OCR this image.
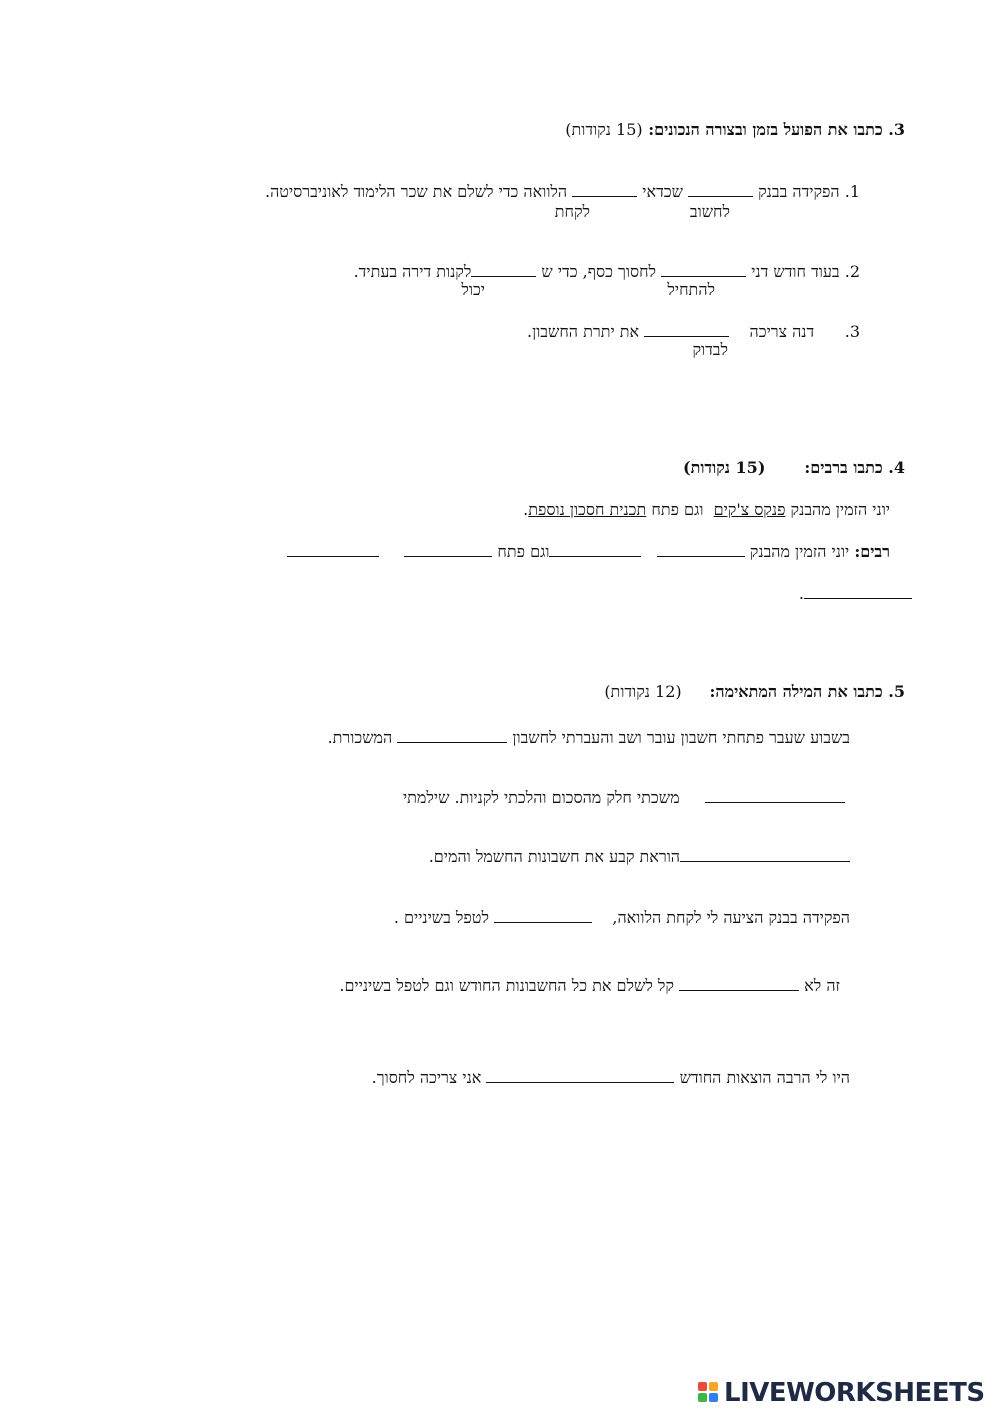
3. כתבו את הפועל בזמן ובצורה הנכונים: (15 נקודות)
1. הפקידה בבנק  שכדאי  הלוואה כדי לשלם את שכר הלימוד לאוניברסיטה.
לחשוב
לקחת
2. בעוד חודש דני  לחסוך כסף, כדי ש לקנות דירה בעתיד.
להתחיל
יכול
3.      דנה צריכה     את יתרת החשבון.
לבדוק
4. כתבו ברבים:       (15 נקודות)
יוני הזמין מהבנק פנקס צ'קים  וגם פתח תכנית חסכון נוספת.
רבים: יוני הזמין מהבנק    וגם פתח
.
5. כתבו את המילה המתאימה:     (12 נקודות)
בשבוע שעבר פתחתי חשבון עובר ושב והעברתי לחשבון  המשכורת.
משכתי חלק מהסכום והלכתי לקניות. שילמתי
הוראת קבע את חשבונות החשמל והמים.
הפקידה בבנק הציעה לי לקחת הלוואה,     לטפל בשיניים .
זה לא  קל לשלם את כל החשבונות החודש וגם לטפל בשיניים.
היו לי הרבה הוצאות החודש  אני צריכה לחסוך.
LIVEWORKSHEETS
